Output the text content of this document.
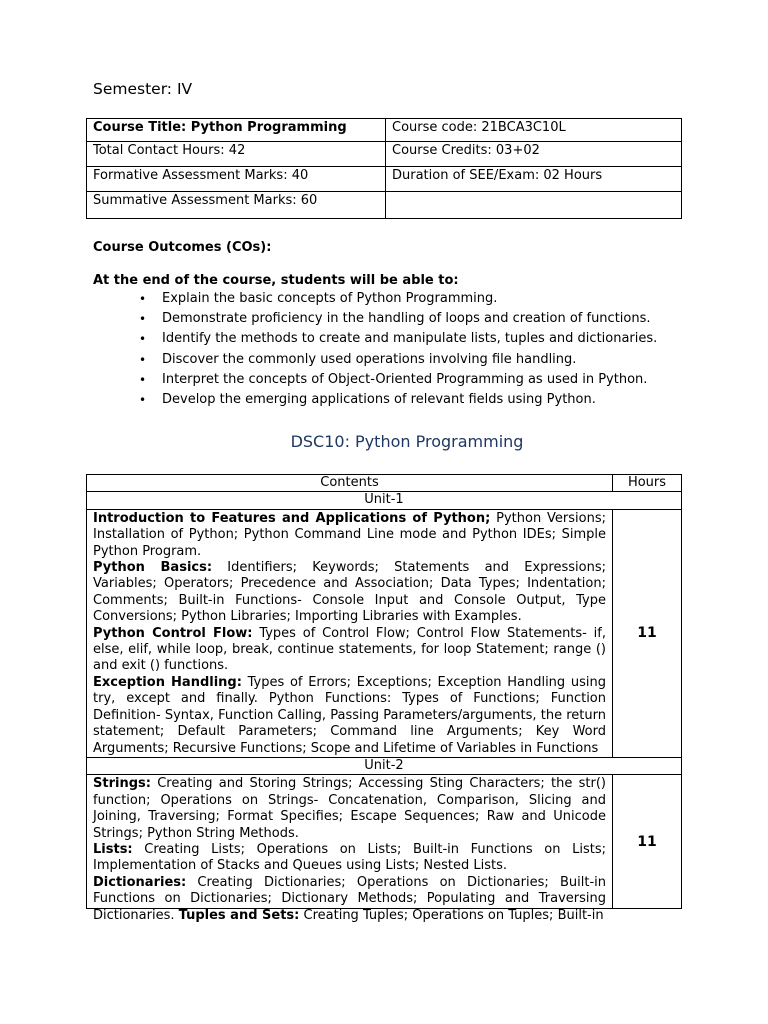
Semester: IV
Course Title: Python Programming	Course code: 21BCA3C10L
Total Contact Hours: 42	Course Credits: 03+02
Formative Assessment Marks: 40	Duration of SEE/Exam: 02 Hours
Summative Assessment Marks: 60	
Course Outcomes (COs):
At the end of the course, students will be able to:
• Explain the basic concepts of Python Programming.
• Demonstrate proficiency in the handling of loops and creation of functions.
• Identify the methods to create and manipulate lists, tuples and dictionaries.
• Discover the commonly used operations involving file handling.
• Interpret the concepts of Object-Oriented Programming as used in Python.
• Develop the emerging applications of relevant fields using Python.
DSC10: Python Programming
Contents	Hours
Unit-1	

Introduction to Features and Applications of Python; Python Versions; Installation of Python; Python Command Line mode and Python IDEs; Simple Python Program.

Python Basics: Identifiers; Keywords; Statements and Expressions; Variables; Operators; Precedence and Association; Data Types; Indentation; Comments; Built-in Functions- Console Input and Console Output, Type Conversions; Python Libraries; Importing Libraries with Examples.

Python Control Flow: Types of Control Flow; Control Flow Statements- if, else, elif, while loop, break, continue statements, for loop Statement; range () and exit () functions.

Exception Handling: Types of Errors; Exceptions; Exception Handling using try, except and finally. Python Functions: Types of Functions; Function Definition- Syntax, Function Calling, Passing Parameters/arguments, the return statement; Default Parameters; Command line Arguments; Key Word Arguments; Recursive Functions; Scope and Lifetime of Variables in Functions	11
Unit-2	

Strings: Creating and Storing Strings; Accessing Sting Characters; the str() function; Operations on Strings- Concatenation, Comparison, Slicing and Joining, Traversing; Format Specifies; Escape Sequences; Raw and Unicode Strings; Python String Methods.

Lists: Creating Lists; Operations on Lists; Built-in Functions on Lists; Implementation of Stacks and Queues using Lists; Nested Lists.

Dictionaries: Creating Dictionaries; Operations on Dictionaries; Built-in Functions on Dictionaries; Dictionary Methods; Populating and Traversing Dictionaries. Tuples and Sets: Creating Tuples; Operations on Tuples; Built-in	11
